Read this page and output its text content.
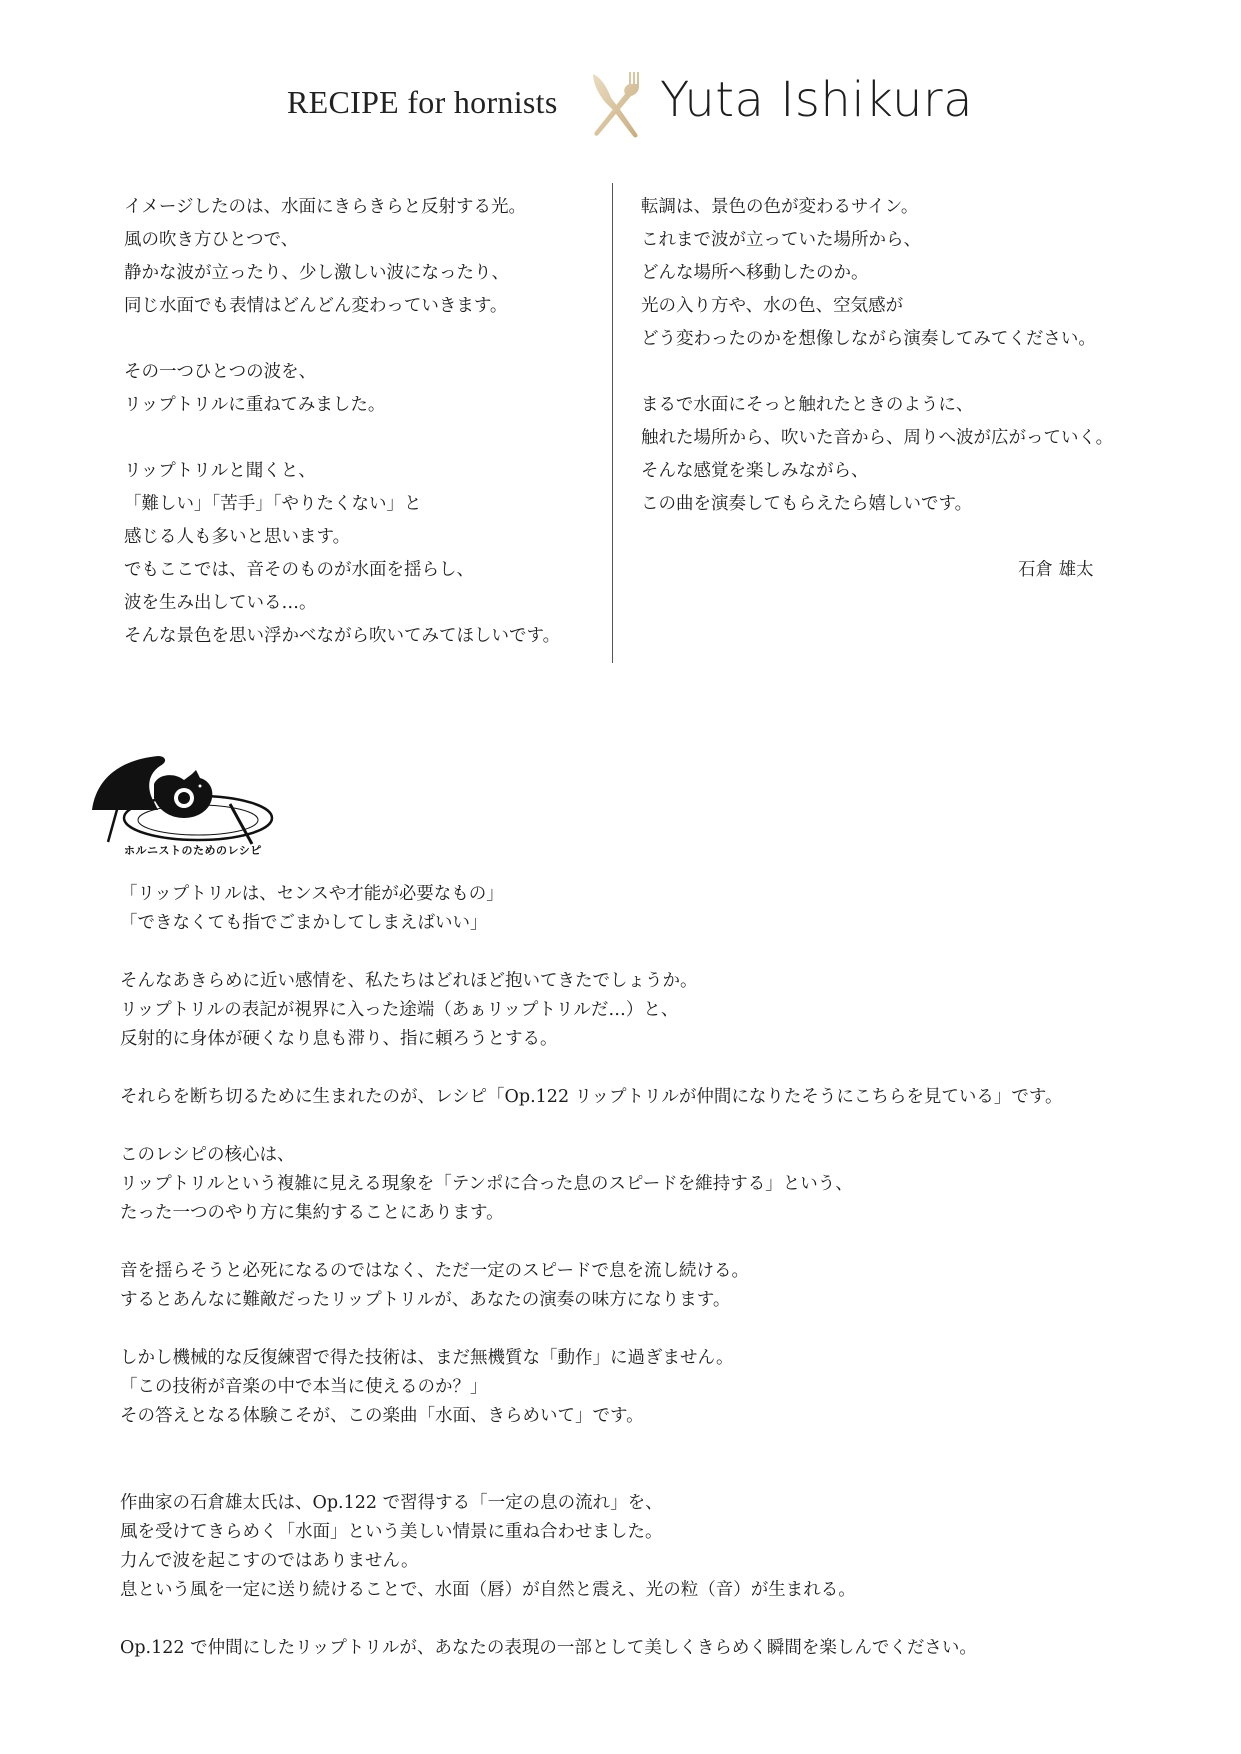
RECIPE for hornists Yuta Ishikura

イメージしたのは、水面にきらきらと反射する光。

風の吹き方ひとつで、

静かな波が立ったり、少し激しい波になったり、

同じ水面でも表情はどんどん変わっていきます。

その一つひとつの波を、

リップトリルに重ねてみました。

リップトリルと聞くと、

「難しい」「苦手」「やりたくない」と

感じる人も多いと思います。

でもここでは、音そのものが水面を揺らし、

波を生み出している…。

そんな景色を思い浮かべながら吹いてみてほしいです。

転調は、景色の色が変わるサイン。

これまで波が立っていた場所から、

どんな場所へ移動したのか。

光の入り方や、水の色、空気感が

どう変わったのかを想像しながら演奏してみてください。

まるで水面にそっと触れたときのように、

触れた場所から、吹いた音から、周りへ波が広がっていく。

そんな感覚を楽しみながら、

この曲を演奏してもらえたら嬉しいです。

石倉 雄太
ホルニストのためのレシピ

「リップトリルは、センスや才能が必要なもの」

「できなくても指でごまかしてしまえばいい」

そんなあきらめに近い感情を、私たちはどれほど抱いてきたでしょうか。

リップトリルの表記が視界に入った途端（あぁリップトリルだ…）と、

反射的に身体が硬くなり息も滞り、指に頼ろうとする。

それらを断ち切るために生まれたのが、レシピ「Op.122 リップトリルが仲間になりたそうにこちらを見ている」です。

このレシピの核心は、

リップトリルという複雑に見える現象を「テンポに合った息のスピードを維持する」という、

たった一つのやり方に集約することにあります。

音を揺らそうと必死になるのではなく、ただ一定のスピードで息を流し続ける。

するとあんなに難敵だったリップトリルが、あなたの演奏の味方になります。

しかし機械的な反復練習で得た技術は、まだ無機質な「動作」に過ぎません。

「この技術が音楽の中で本当に使えるのか？」

その答えとなる体験こそが、この楽曲「水面、きらめいて」です。

作曲家の石倉雄太氏は、Op.122 で習得する「一定の息の流れ」を、

風を受けてきらめく「水面」という美しい情景に重ね合わせました。

力んで波を起こすのではありません。

息という風を一定に送り続けることで、水面（唇）が自然と震え、光の粒（音）が生まれる。

Op.122 で仲間にしたリップトリルが、あなたの表現の一部として美しくきらめく瞬間を楽しんでください。
